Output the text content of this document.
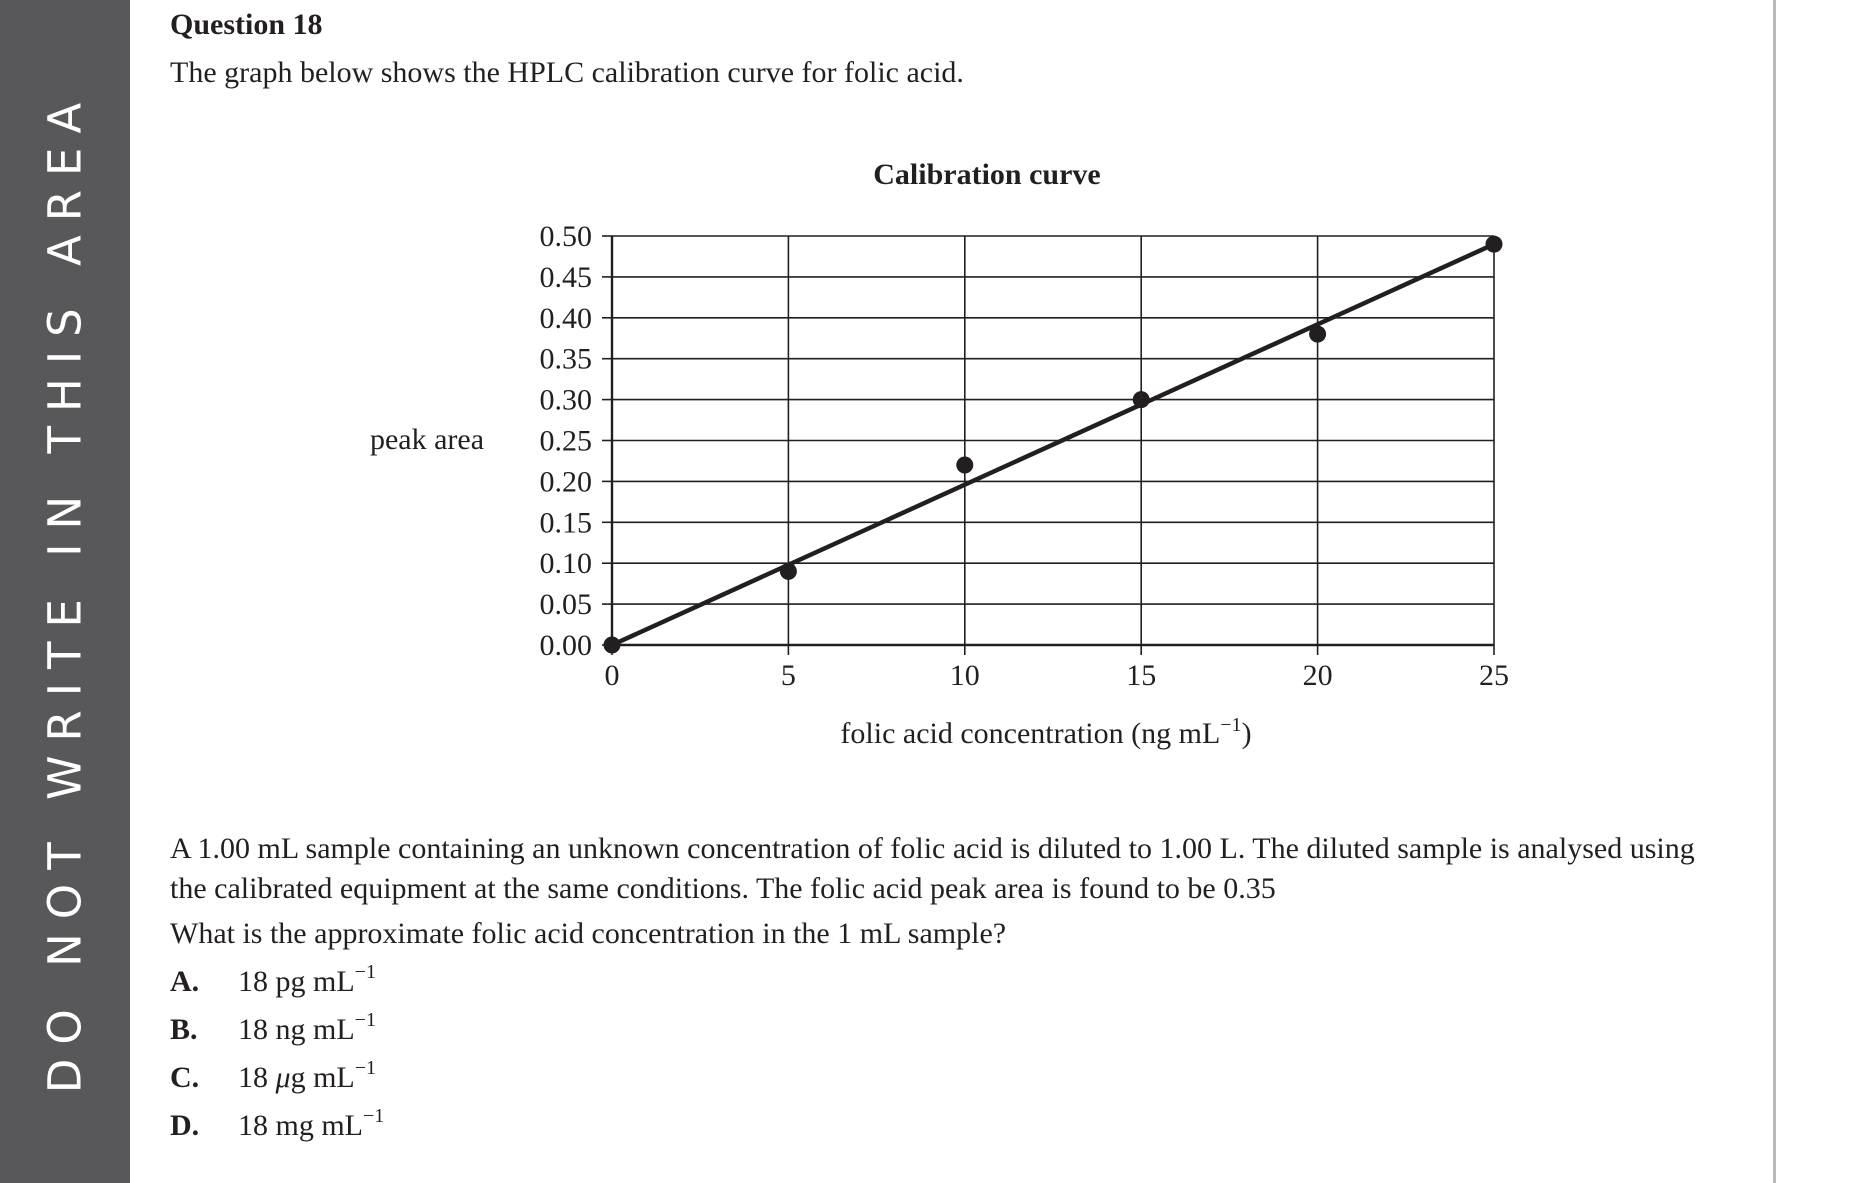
DO NOT WRITE IN THIS AREA
Question 18
The graph below shows the HPLC calibration curve for folic acid.
Calibration curve
0.00
0.05
0.10
0.15
0.20
0.25
0.30
0.35
0.40
0.45
0.50
0	5	10	15	20	25
peak area
folic acid concentration (ng $mL^{-1}$)
A 1.00 mL sample containing an unknown concentration of folic acid is diluted to 1.00 L. The diluted sample is analysed using the calibrated equipment at the same conditions. The folic acid peak area is found to be 0.35
What is the approximate folic acid concentration in the 1 mL sample?
A. 18 pg $mL^{-1}$
B. 18 ng $mL^{-1}$
C. 18 μg $mL^{-1}$
D. 18 mg $mL^{-1}$
